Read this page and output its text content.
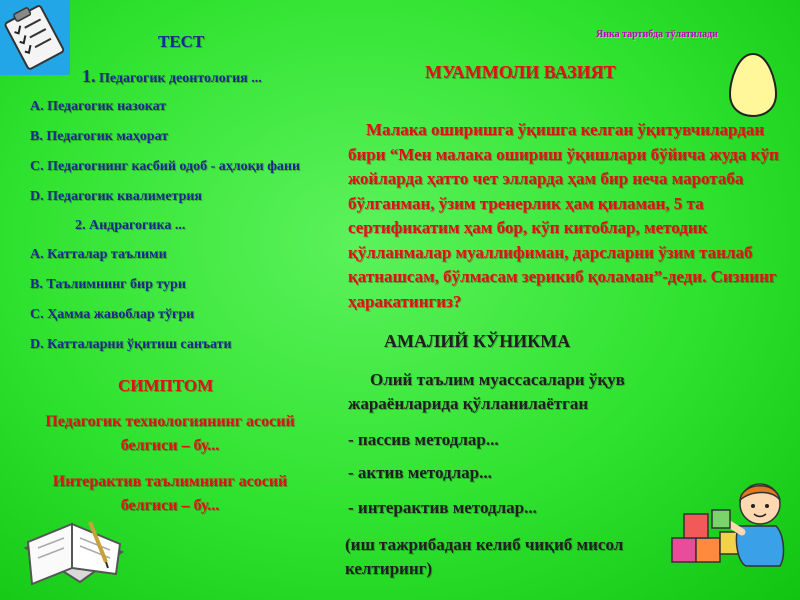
ТЕСТ
1. Педагогик деонтология ...
A. Педагогик назокат
B. Педагогик маҳорат
C. Педагогнинг касбий одоб - аҳлоқи фани
D. Педагогик квалиметрия
2. Андрагогика ...
A. Катталар таълими
B. Таълимнинг бир тури
C. Ҳамма жавоблар тўғри
D. Катталарни ўқитиш санъати
СИМПТОМ
Педагогик технологиянинг асосий белгиси – бу...
Интерактив таълимнинг асосий белгиси – бу...
Янка тартибда тўлатилади
МУАММОЛИ ВАЗИЯТ
Малака оширишга ўқишга келган ўқитувчилардан бири “Мен малака ошириш ўқишлари бўйича жуда кўп жойларда ҳатто чет элларда ҳам бир неча маротаба бўлганман, ўзим тренерлик ҳам қиламан, 5 та сертификатим ҳам бор, кўп китоблар, методик қўлланмалар муаллифиман, дарсларни ўзим танлаб қатнашсам, бўлмасам зерикиб қоламан”-деди. Сизнинг ҳаракатингиз?
АМАЛИЙ КЎНИКМА
Олий таълим муассасалари ўқув жараёнларида қўлланилаётган
- пассив методлар...
- актив методлар...
- интерактив методлар...
(иш тажрибадан келиб чиқиб мисол келтиринг)
